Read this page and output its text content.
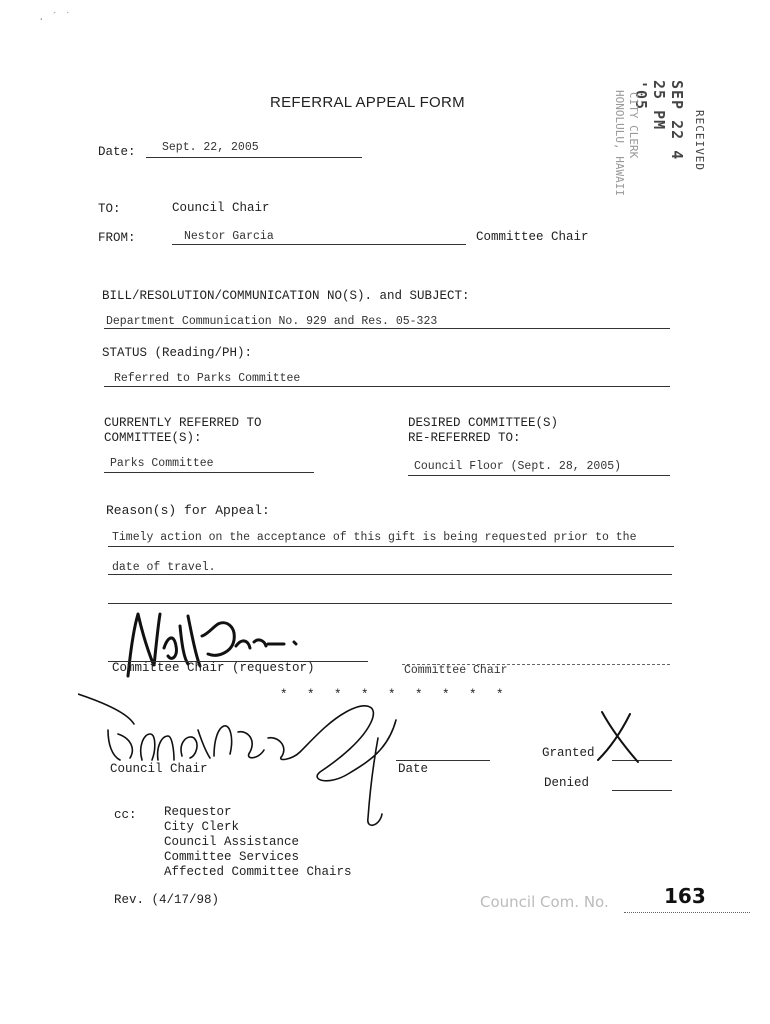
. ´ ˙
REFERRAL APPEAL FORM
RECEIVED
SEP 22 4 25 PM '05
CITY CLERK
HONOLULU, HAWAII
Date: Sept. 22, 2005
TO:	Council Chair
FROM:	Nestor Garcia	Committee Chair
BILL/RESOLUTION/COMMUNICATION NO(S). and SUBJECT:
Department Communication No. 929 and Res. 05-323
STATUS (Reading/PH):
Referred to Parks Committee
CURRENTLY REFERRED TO
COMMITTEE(S):
Parks Committee
DESIRED COMMITTEE(S)
RE-REFERRED TO:
Council Floor (Sept. 28, 2005)
Reason(s) for Appeal:
Timely action on the acceptance of this gift is being requested prior to the
date of travel.
Committee Chair (requestor)	Committee Chair
* * * * * * * * *
Council Chair	Date
Granted
Denied
cc: Requestor
City Clerk
Council Assistance
Committee Services
Affected Committee Chairs
Rev. (4/17/98)	Council Com. No.	163
